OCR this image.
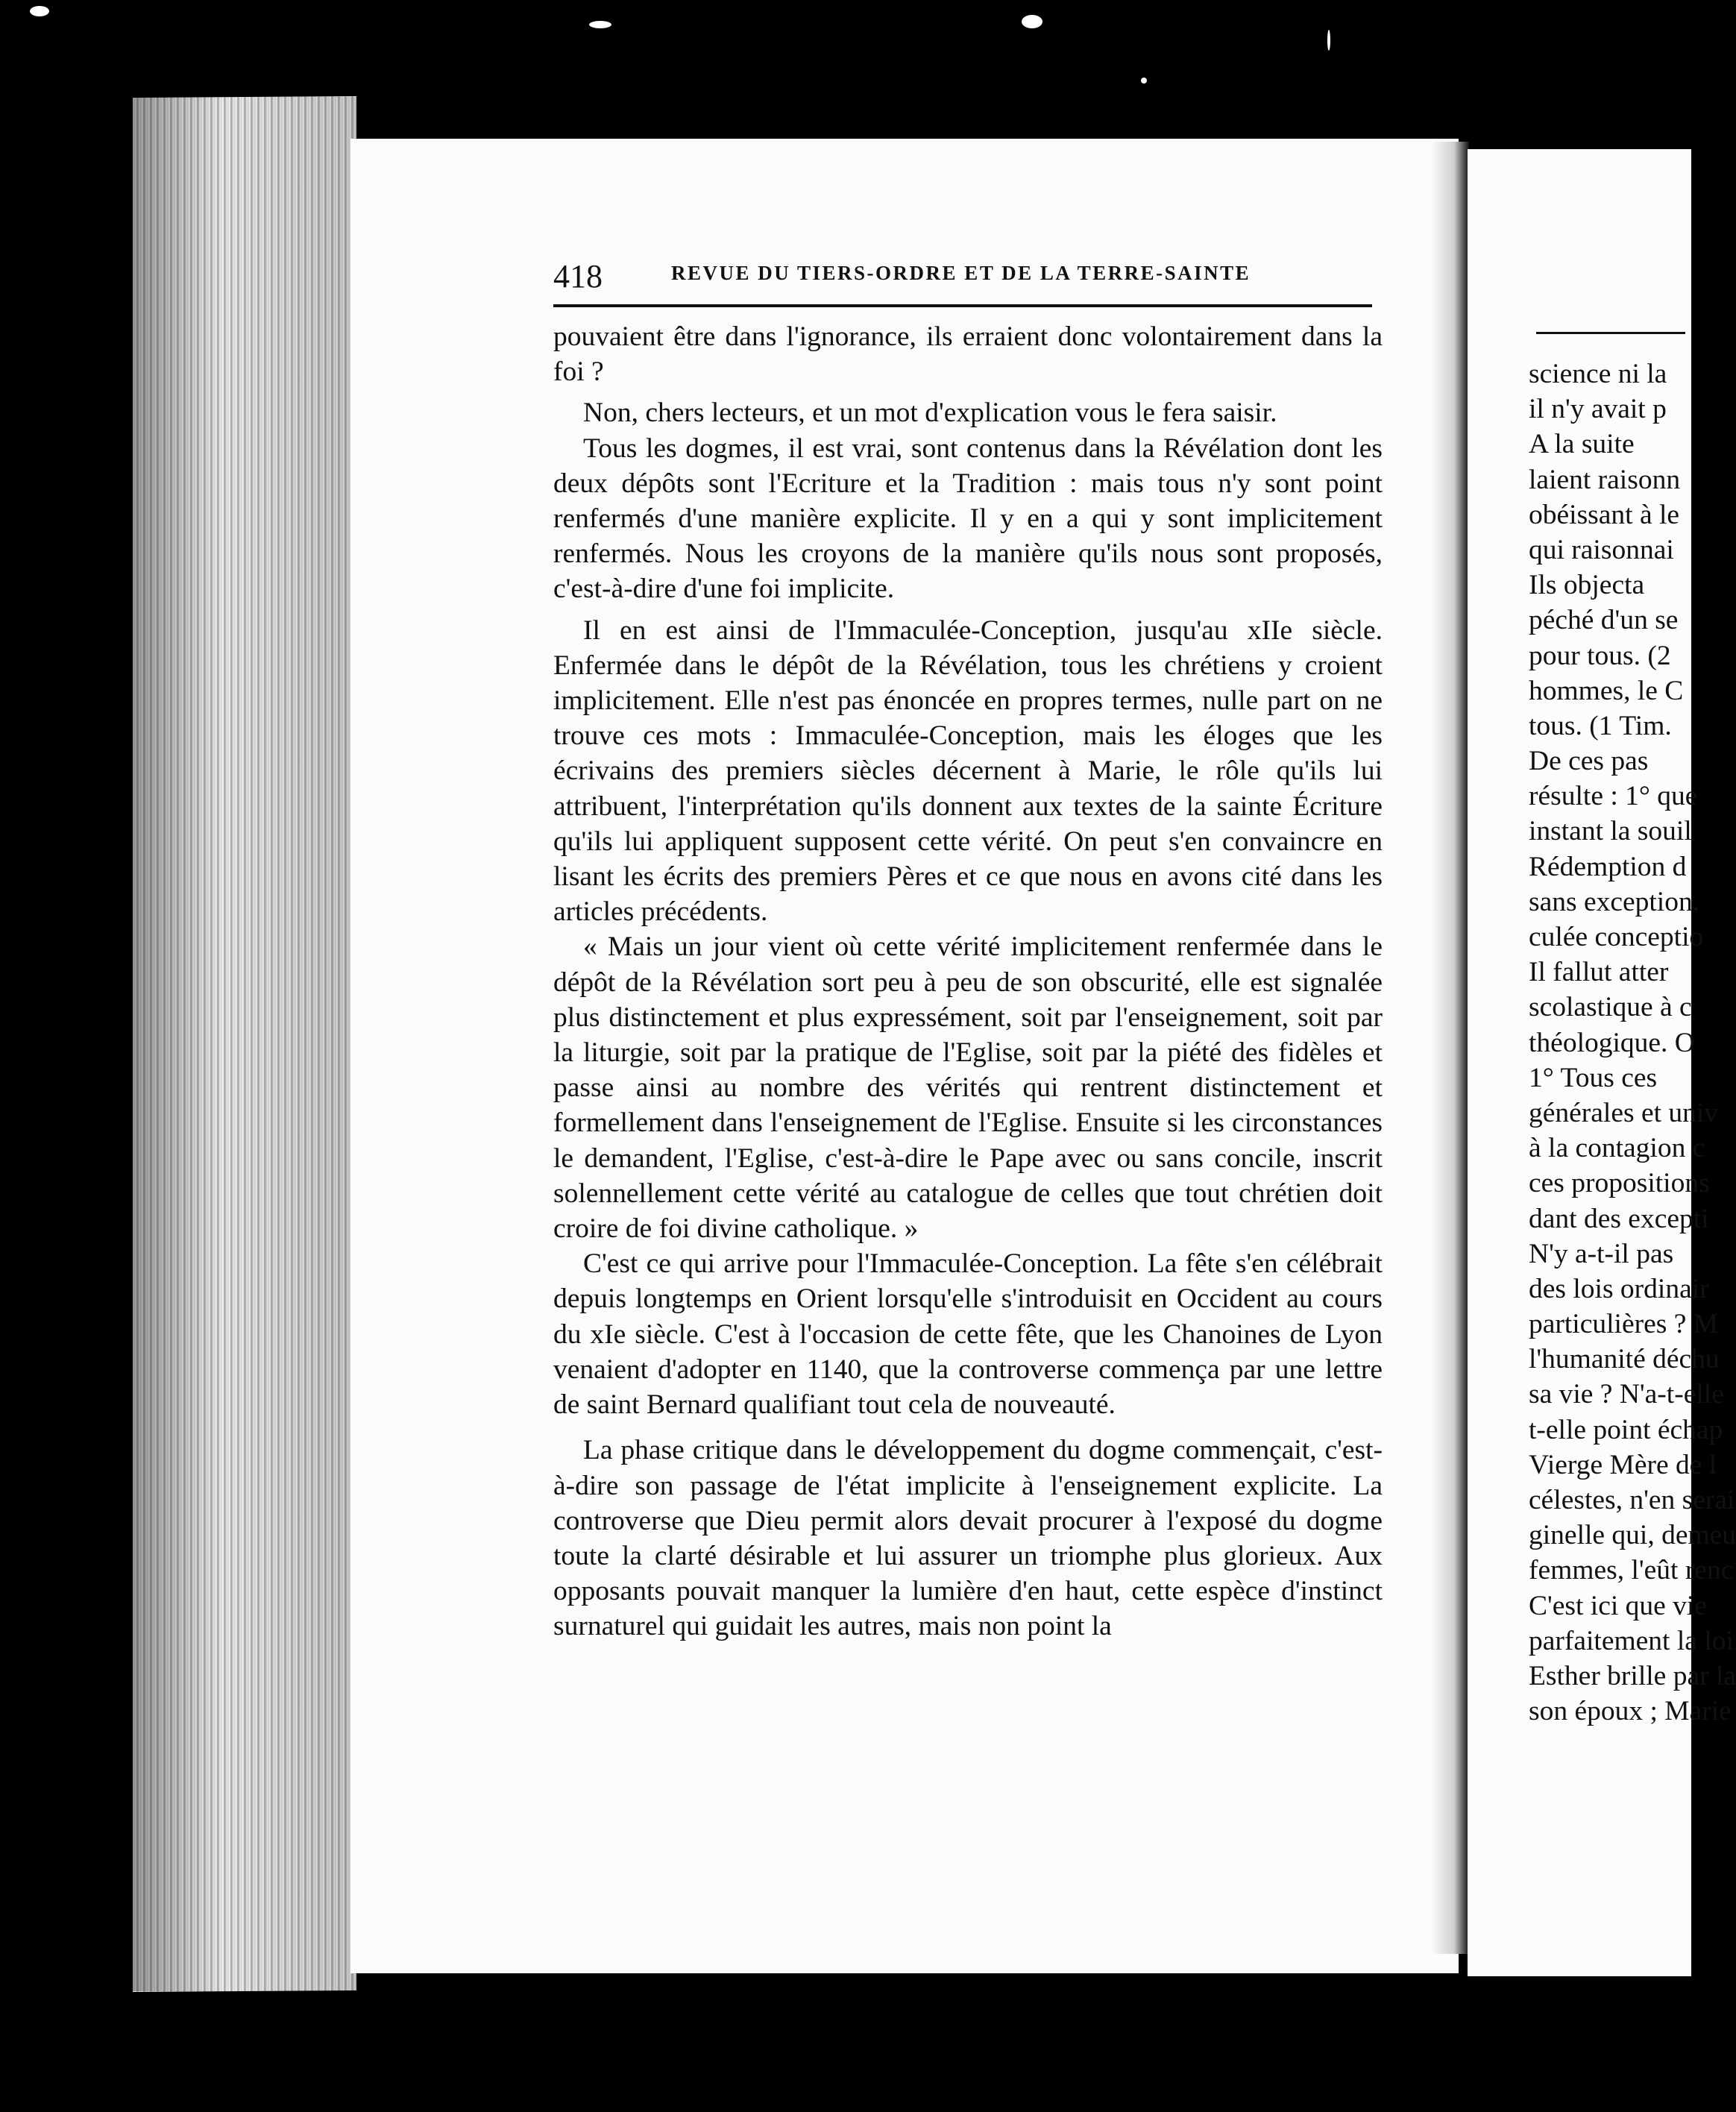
418	REVUE DU TIERS-ORDRE ET DE LA TERRE-SAINTE

pouvaient être dans l'ignorance, ils erraient donc volontairement dans la foi ?

Non, chers lecteurs, et un mot d'explication vous le fera saisir.

Tous les dogmes, il est vrai, sont contenus dans la Révélation dont les deux dépôts sont l'Ecriture et la Tradition : mais tous n'y sont point renfermés d'une manière explicite. Il y en a qui y sont implicitement renfermés. Nous les croyons de la manière qu'ils nous sont proposés, c'est-à-dire d'une foi implicite.

Il en est ainsi de l'Immaculée-Conception, jusqu'au xIIe siècle. Enfermée dans le dépôt de la Révélation, tous les chrétiens y croient implicitement. Elle n'est pas énoncée en propres termes, nulle part on ne trouve ces mots : Immaculée-Conception, mais les éloges que les écrivains des premiers siècles décernent à Marie, le rôle qu'ils lui attribuent, l'interprétation qu'ils donnent aux textes de la sainte Écriture qu'ils lui appliquent supposent cette vérité. On peut s'en convaincre en lisant les écrits des premiers Pères et ce que nous en avons cité dans les articles précédents.

« Mais un jour vient où cette vérité implicitement renfermée dans le dépôt de la Révélation sort peu à peu de son obscurité, elle est signalée plus distinctement et plus expressément, soit par l'enseignement, soit par la liturgie, soit par la pratique de l'Eglise, soit par la piété des fidèles et passe ainsi au nombre des vérités qui rentrent distinctement et formellement dans l'enseignement de l'Eglise. Ensuite si les circonstances le demandent, l'Eglise, c'est-à-dire le Pape avec ou sans concile, inscrit solennellement cette vérité au catalogue de celles que tout chrétien doit croire de foi divine catholique. »

C'est ce qui arrive pour l'Immaculée-Conception. La fête s'en célébrait depuis longtemps en Orient lorsqu'elle s'introduisit en Occident au cours du xIe siècle. C'est à l'occasion de cette fête, que les Chanoines de Lyon venaient d'adopter en 1140, que la controverse commença par une lettre de saint Bernard qualifiant tout cela de nouveauté.

La phase critique dans le développement du dogme commençait, c'est-à-dire son passage de l'état implicite à l'enseignement explicite. La controverse que Dieu permit alors devait procurer à l'exposé du dogme toute la clarté désirable et lui assurer un triomphe plus glorieux. Aux opposants pouvait manquer la lumière d'en haut, cette espèce d'instinct surnaturel qui guidait les autres, mais non point la

science ni la
il n'y avait p
A la suite
laient raisonn
obéissant à le
qui raisonnai
Ils objecta
péché d'un se
pour tous. (2
hommes, le C
tous. (1 Tim.
De ces pas
résulte : 1° que
instant la souil
Rédemption d
sans exception.
culée conceptio
Il fallut atter
scolastique à c
théologique. O
1° Tous ces
générales et univ
à la contagion c
ces propositions
dant des excepti
N'y a-t-il pas
des lois ordinair
particulières ? M
l'humanité déchu
sa vie ? N'a-t-elle
t-elle point échap
Vierge Mère de l
célestes, n'en serai
ginelle qui, demeu
femmes, l'eût renc
C'est ici que vie
parfaitement la loi
Esther brille par la
son époux ; Marie
